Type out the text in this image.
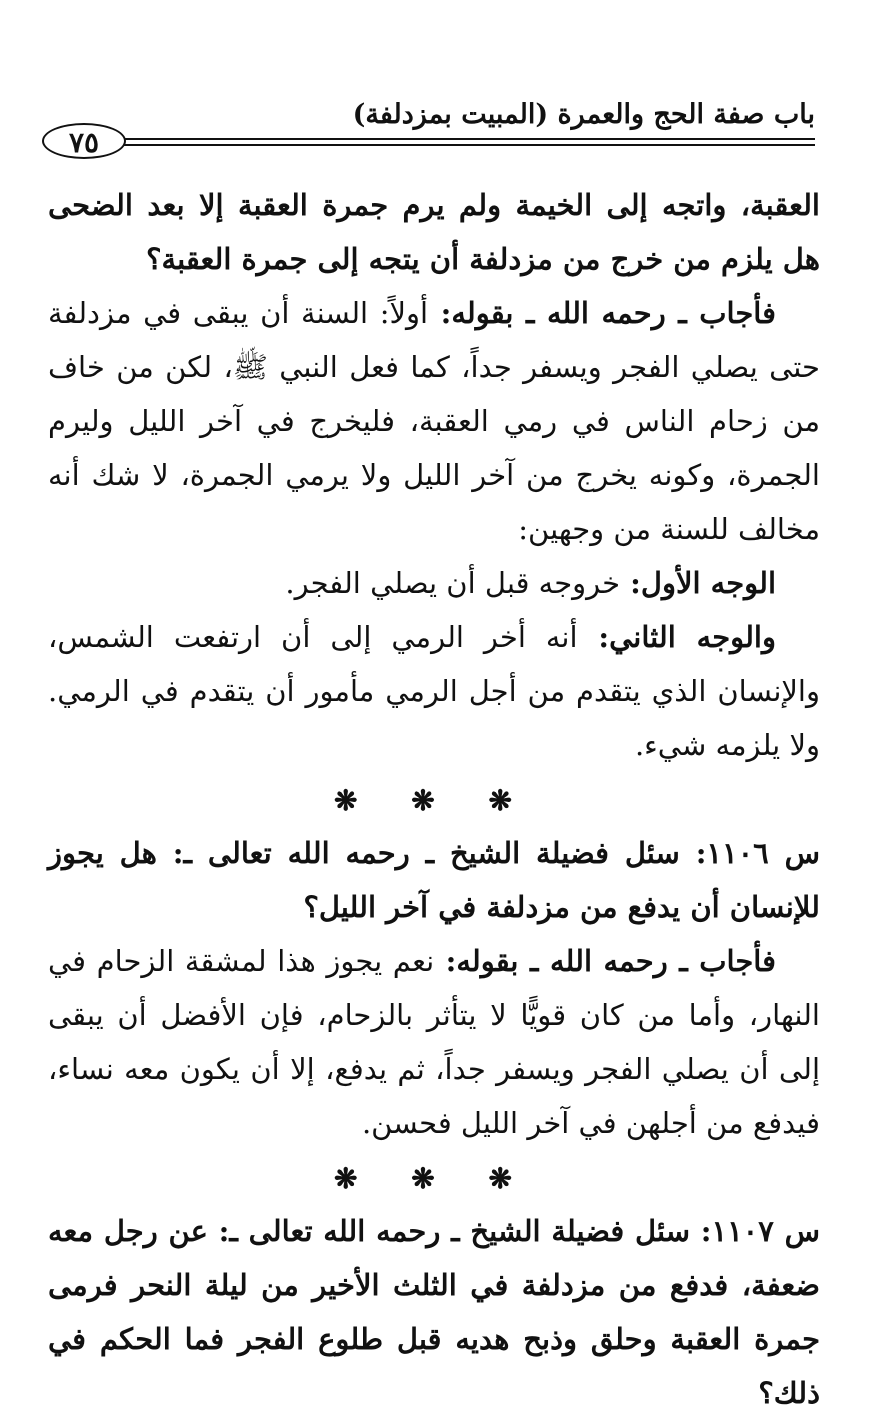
باب صفة الحج والعمرة (المبيت بمزدلفة)
٧٥

العقبة، واتجه إلى الخيمة ولم يرم جمرة العقبة إلا بعد الضحى هل يلزم من خرج من مزدلفة أن يتجه إلى جمرة العقبة؟

فأجاب ـ رحمه الله ـ بقوله: أولاً: السنة أن يبقى في مزدلفة حتى يصلي الفجر ويسفر جداً، كما فعل النبي ﷺ، لكن من خاف من زحام الناس في رمي العقبة، فليخرج في آخر الليل وليرم الجمرة، وكونه يخرج من آخر الليل ولا يرمي الجمرة، لا شك أنه مخالف للسنة من وجهين:

الوجه الأول: خروجه قبل أن يصلي الفجر.

والوجه الثاني: أنه أخر الرمي إلى أن ارتفعت الشمس، والإنسان الذي يتقدم من أجل الرمي مأمور أن يتقدم في الرمي. ولا يلزمه شيء.

❋ ❋ ❋

س ١١٠٦: سئل فضيلة الشيخ ـ رحمه الله تعالى ـ: هل يجوز للإنسان أن يدفع من مزدلفة في آخر الليل؟

فأجاب ـ رحمه الله ـ بقوله: نعم يجوز هذا لمشقة الزحام في النهار، وأما من كان قويًّا لا يتأثر بالزحام، فإن الأفضل أن يبقى إلى أن يصلي الفجر ويسفر جداً، ثم يدفع، إلا أن يكون معه نساء، فيدفع من أجلهن في آخر الليل فحسن.

❋ ❋ ❋

س ١١٠٧: سئل فضيلة الشيخ ـ رحمه الله تعالى ـ: عن رجل معه ضعفة، فدفع من مزدلفة في الثلث الأخير من ليلة النحر فرمى جمرة العقبة وحلق وذبح هديه قبل طلوع الفجر فما الحكم في ذلك؟
